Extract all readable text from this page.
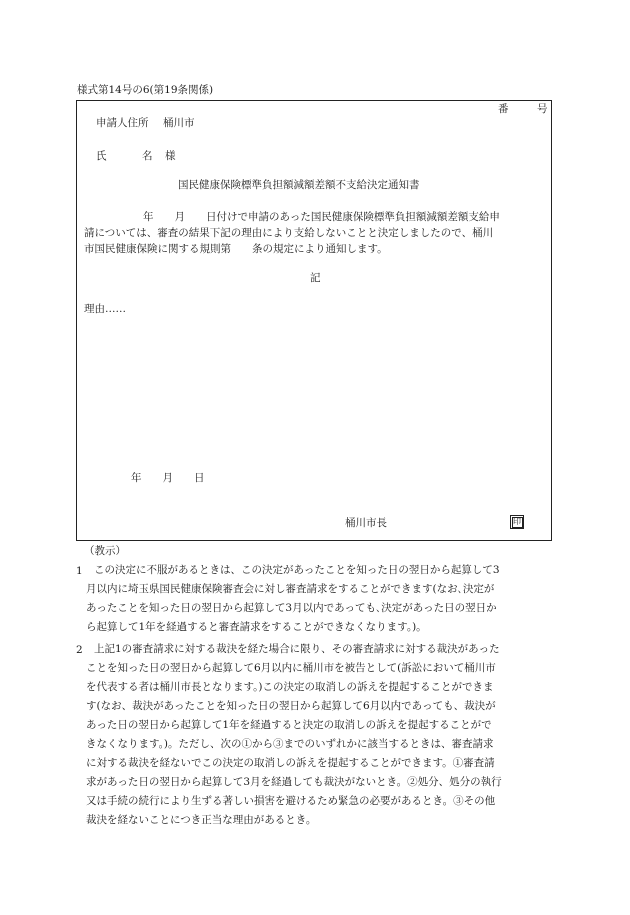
様式第14号の6(第19条関係)
番	号
申請人住所 桶川市
氏	名 様
国民健康保険標準負担額減額差額不支給決定通知書
年　　月　　日付けで申請のあった国民健康保険標準負担額減額差額支給申
請については、審査の結果下記の理由により支給しないことと決定しましたので、桶川
市国民健康保険に関する規則第　　条の規定により通知します。
記
理由……
年　　月　　日
桶川市長	印
（教示）
1 この決定に不服があるときは、この決定があったことを知った日の翌日から起算して3
月以内に埼玉県国民健康保険審査会に対し審査請求をすることができます(なお､決定が
あったことを知った日の翌日から起算して3月以内であっても､決定があった日の翌日か
ら起算して1年を経過すると審査請求をすることができなくなります。)。
2 上記1の審査請求に対する裁決を経た場合に限り、その審査請求に対する裁決があった
ことを知った日の翌日から起算して6月以内に桶川市を被告として(訴訟において桶川市
を代表する者は桶川市長となります。)この決定の取消しの訴えを提起することができま
す(なお、裁決があったことを知った日の翌日から起算して6月以内であっても、裁決が
あった日の翌日から起算して1年を経過すると決定の取消しの訴えを提起することがで
きなくなります。)。ただし、次の①から③までのいずれかに該当するときは、審査請求
に対する裁決を経ないでこの決定の取消しの訴えを提起することができます。①審査請
求があった日の翌日から起算して3月を経過しても裁決がないとき。②処分、処分の執行
又は手続の続行により生ずる著しい損害を避けるため緊急の必要があるとき。③その他
裁決を経ないことにつき正当な理由があるとき。
